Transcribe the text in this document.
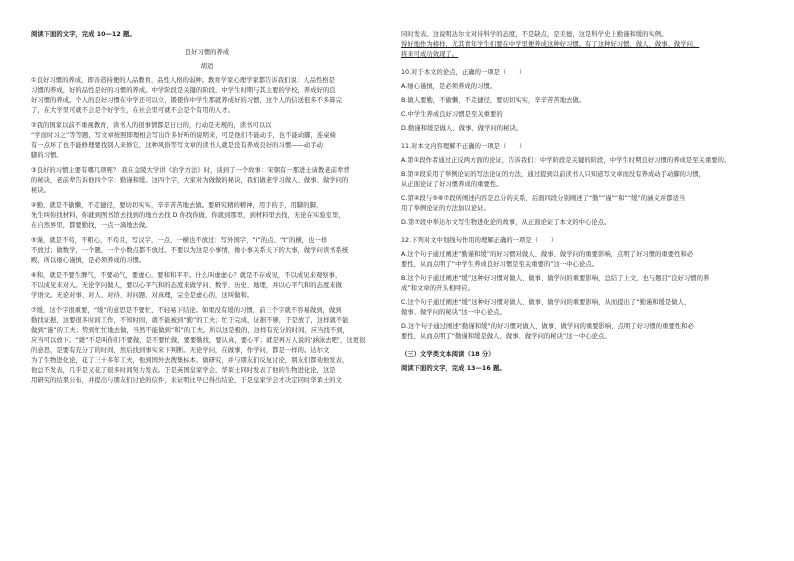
阅读下面的文字，完成 10—12 题。
良好习惯的养成
胡适
①良好习惯的养成，即善造持便的人品教育，品性人格的弱种。教育学家心理学家都告诉我们说：人品性格是
习惯的养成，好的品性是好的习惯的养成。中学阶段是关键的阶段，中学生时期与其主要的学校，养成好的良
好习惯的养成。个人的良好习惯在中学还可以立，锻使你中学生那就养成好的习惯，这个人的信送很多不多算完
了，在大学里可就不会是个好学生，在社会里可就不会是个有用的人才。
②我的国家以前不重视教育，读书人的很事情都是日日的，行动是无规的，读书可以以
“学而时习之”等等题，写文章按照即理相会写出许多好听的说明来，可是他们不能动手，也不能动脚，连桌椅
有一点坏了也不能修理要找别人来修它，这种风俗等写文章的读书人就是没有养成良好的习惯——动手动
脚的习惯。
③良好的习惯主要有哪几项呢？ 我在金陵大学讲《治学方法》时，谈到了一个故事：宋朝有一那进士请教老前辈背
的秘诀，老前辈告诉他四个字：勤谨和缓。这四个字，大家对为做做的秘诀，我们做老学习做人、做事、做学问的
秘诀。
④勤，就是不偷懒，不走捷径，要切切实实，辛辛苦苦地去做。要研究精的精神，用手的手，用脚的脚，
先生叫你找材料，你就到图书馆去找到的地方去找 D 你找你做，你就到那里，到材料里去找，无论在实验室里，
在自然界里，都要勤找，一点一滴地去做。
⑤谨，就是不苟，不粗心，不苟且，写汉字，一点、一横也不放过：写外国字，“i”的点、“t”的横，也一样
不放过；做数学，一个题，一个小数点都不放过。不要以为这是小事情，像小事关系天下的大事，做学问读书系统
殿，所以细心谨慎，是必须养成的习惯。
⑥和，就是不要生脾气，不要动气，要虚心，要和和平平。什么叫虚虚心？就是不存成见，不以成见来观察事，
不以成见来对人。无论学问做人，要以心平气和的态度来做学问、数学、历史、地理，并以心平气和的态度来做
学语文。无论对事、对人、对待、对问题、对真理，完全是虚心的，这叫做和。
⑦缓，这个字很重要，“缓”的意思是不要忙，不轻易下结论。如果没有缓的习惯，前三个字就不容易做到，做到
勤找证据，这要很多时间工作，不知时间，就不能被到“勤”的工夫；忙于完成，证据不够，于是放了，这样就不能
做到“谨”的工夫；势到忙忙地去做，当然不能做到“和”的工夫。所以这是极的，这样有充分的时间，应当找不到，
应当可以放下。“緩”不是叫你们不要做，是不要忙做，要要勤找，要认真，要心平；就是再万人说的‘涵泳去吧’，这更很
的意思，是要有充分了的时间，然后找到事实来下判断。无论学问，在做事，作学问，都是一样的。达尔文
为了生物进化论，花了三十多年工夫，他到国外去搜集标本，做研究，并与朋友们反复讨论，朋友们都劝他发表，
他总不发表，几乎是又花了很多时间努力发表。于是英国皇家学会，华莱士同时发表了他的生物进化论，这是
用研究的结果公布，并提出与朋友们讨论的信件，来证明比早已得出结论，于是皇家学会才决定同时华莱士的文
同时发表。这说明达尔文对待科学的态度，不是缺点，是美德，这是科学史上勤谨和缓的实例。
得好地作为榜样，尤其青年学生们要在中学里便养成这种好习惯。有了这种好习惯，做人、做事、做学问，
将来可成功效现了。
10.对于本文的论点，正确的一项是（　　）
A.细心谨慎，是必须养成的习惯。
B.做人要勤，不偷懒，不走捷径，要切切实实，辛辛苦苦地去做。
C.中学生养成良好习惯是至关重要的
D.勤谨和缓是做人、做事、做学问的秘诀。
11.对本文内容理解不正确的一项是（　　）
A.第①段作者通过正反两方面的论证，告诉我们：中学阶段是关键的阶段，中学生时期良好习惯的养成是至关重要的。
B.第②段采用了举例论证的写法论证的方法，通过提到以前读书人只知道写文章而没有养成动手动脚的习惯，
从正面论证了好习惯养成的重要性。
C.第④段与⑤⑥⑦段所阐述内容是总分的关系，后面四段分别阐述了“勤”“谨”“和”“缓”的涵义并都适当
用了举例论证的方法加以论证。
D.第⑦段中举达尔文写生物进化论的故事，从正面论证了本文的中心论点。
12.下列对文中划线句作用的理解正确的一项是（　　）
A.这个句子通过阐述“勤谨和缓”的好习惯对做人、做事、做学问的重要影响，点明了好习惯的重要性和必
要性，从而点明了“中学生养成良好习惯是至关重要的”这一中心论点。
B.这个句子通过阐述“缓”这种好习惯对做人、做事、做学问的重要影响，总结了上文，也与题目“良好习惯的养
成”和文章的开头相呼应。
C.这个句子通过阐述“缓”这种好习惯对做人、做事、做学问的重要影响，从而提出了“勤谨和缓是做人、
做事、做学问的秘诀”这一中心论点。
D.这个句子通过阐述“勤谨和缓”的好习惯对做人、做事、做学问的重要影响，点明了好习惯的重要性和必
要性，从而点明了“勤谨和缓是做人、做事、做学问的秘诀”这一中心论点。
（三）文学类文本阅读（18 分）
阅读下面的文字，完成 13—16 题。
